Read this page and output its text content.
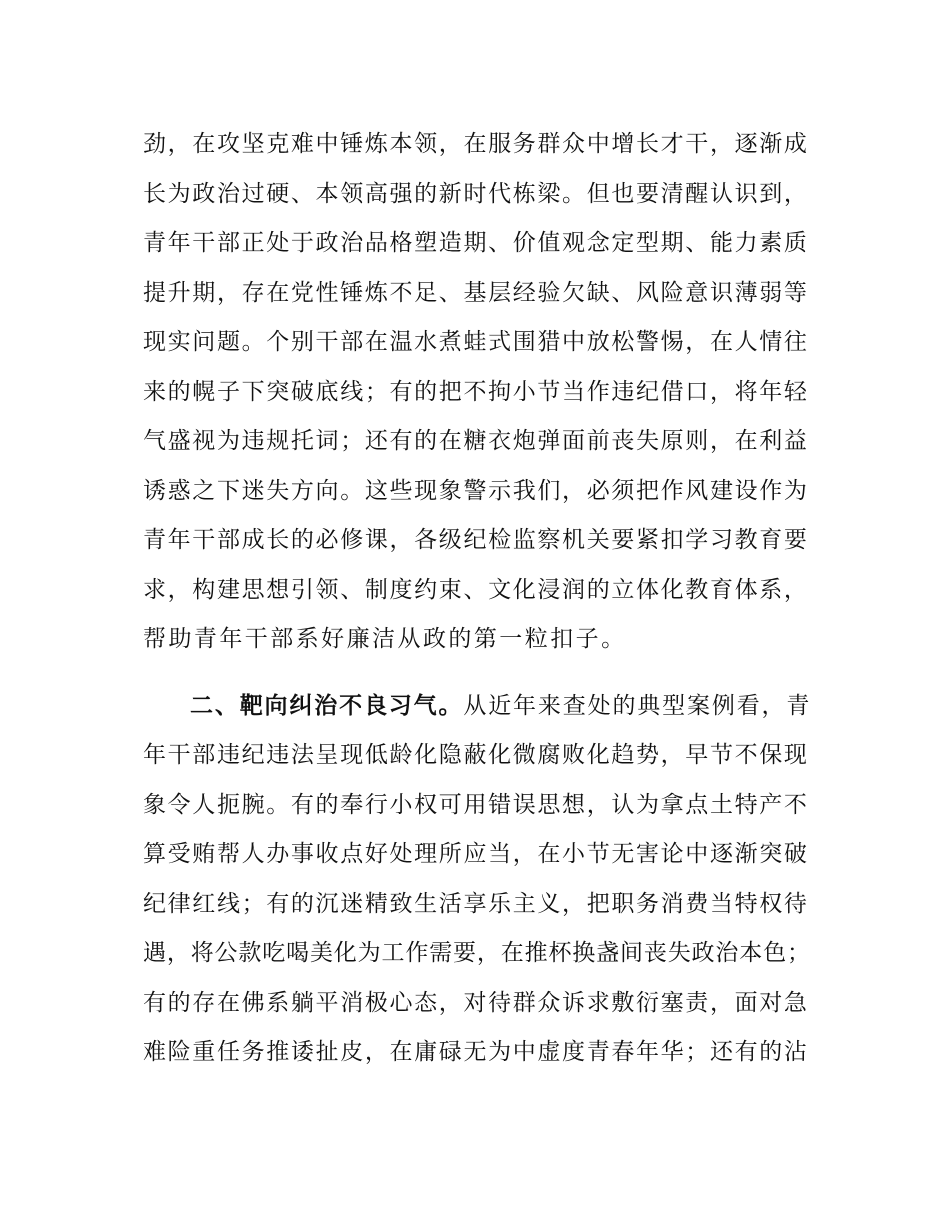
劲，在攻坚克难中锤炼本领，在服务群众中增长才干，逐渐成
长为政治过硬、本领高强的新时代栋梁。但也要清醒认识到，
青年干部正处于政治品格塑造期、价值观念定型期、能力素质
提升期，存在党性锤炼不足、基层经验欠缺、风险意识薄弱等
现实问题。个别干部在温水煮蛙式围猎中放松警惕，在人情往
来的幌子下突破底线；有的把不拘小节当作违纪借口，将年轻
气盛视为违规托词；还有的在糖衣炮弹面前丧失原则，在利益
诱惑之下迷失方向。这些现象警示我们，必须把作风建设作为
青年干部成长的必修课，各级纪检监察机关要紧扣学习教育要
求，构建思想引领、制度约束、文化浸润的立体化教育体系，
帮助青年干部系好廉洁从政的第一粒扣子。
二、靶向纠治不良习气。从近年来查处的典型案例看，青
年干部违纪违法呈现低龄化隐蔽化微腐败化趋势，早节不保现
象令人扼腕。有的奉行小权可用错误思想，认为拿点土特产不
算受贿帮人办事收点好处理所应当，在小节无害论中逐渐突破
纪律红线；有的沉迷精致生活享乐主义，把职务消费当特权待
遇，将公款吃喝美化为工作需要，在推杯换盏间丧失政治本色；
有的存在佛系躺平消极心态，对待群众诉求敷衍塞责，面对急
难险重任务推诿扯皮，在庸碌无为中虚度青春年华；还有的沾
